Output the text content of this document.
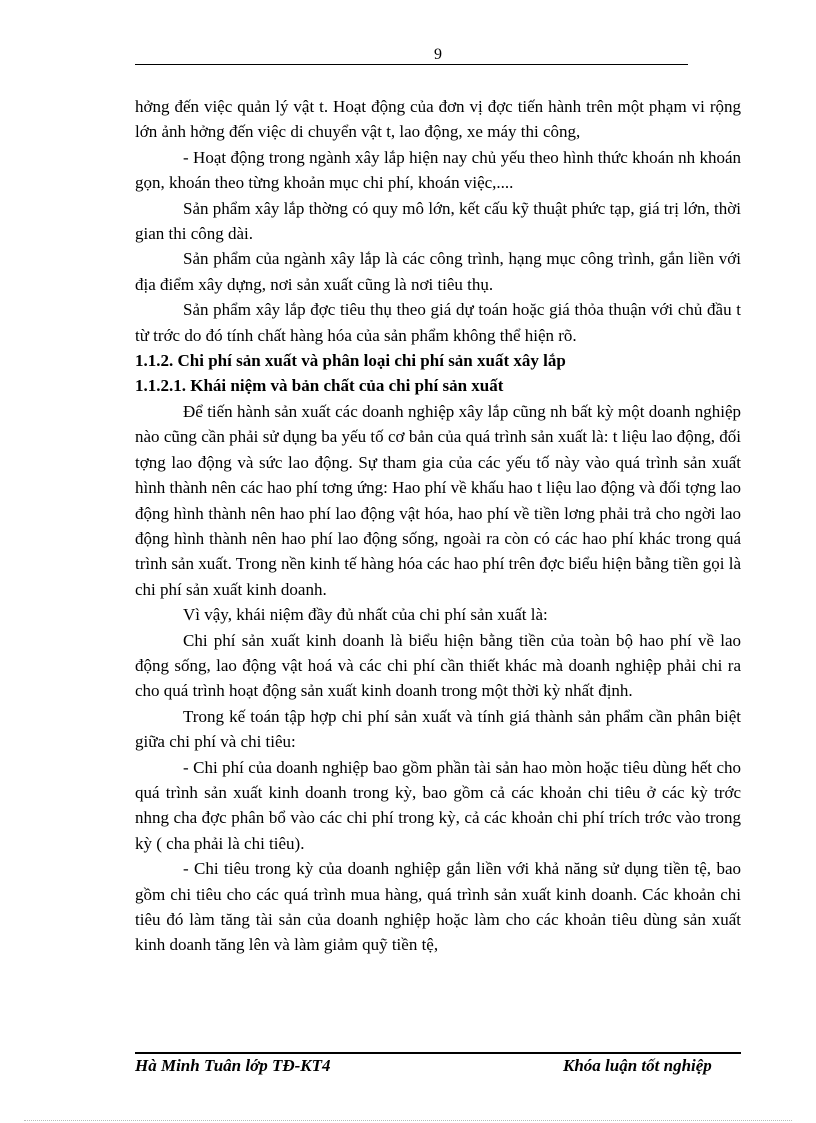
9

hởng đến việc quản lý vật t. Hoạt động của đơn vị đợc tiến hành trên một phạm vi rộng lớn ảnh hởng đến việc di chuyển vật t, lao động, xe máy thi công,

- Hoạt động trong ngành xây lắp hiện nay chủ yếu theo hình thức khoán nh khoán gọn, khoán theo từng khoản mục chi phí, khoán việc,....

Sản phẩm xây lắp thờng có quy mô lớn, kết cấu kỹ thuật phức tạp, giá trị lớn, thời gian thi công dài.

Sản phẩm của ngành xây lắp là các công trình, hạng mục công trình, gắn liền với địa điểm xây dựng, nơi sản xuất cũng là nơi tiêu thụ.

Sản phẩm xây lắp đợc tiêu thụ theo giá dự toán hoặc giá thỏa thuận với chủ đầu t từ trớc do đó tính chất hàng hóa của sản phẩm không thể hiện rõ.

1.1.2. Chi phí sản xuất và phân loại chi phí sản xuất xây lắp

1.1.2.1. Khái niệm và bản chất của chi phí sản xuất

Để tiến hành sản xuất các doanh nghiệp xây lắp cũng nh bất kỳ một doanh nghiệp nào cũng cần phải sử dụng ba yếu tố cơ bản của quá trình sản xuất là: t liệu lao động, đối tợng lao động và sức lao động. Sự tham gia của các yếu tố này vào quá trình sản xuất hình thành nên các hao phí tơng ứng: Hao phí về khấu hao t liệu lao động và đối tợng lao động hình thành nên hao phí lao động vật hóa, hao phí về tiền lơng phải trả cho ngời lao động hình thành nên hao phí lao động sống, ngoài ra còn có các hao phí khác trong quá trình sản xuất. Trong nền kinh tế hàng hóa các hao phí trên đợc biểu hiện bằng tiền gọi là chi phí sản xuất kinh doanh.

Vì vậy, khái niệm đầy đủ nhất của chi phí sản xuất là:

Chi phí sản xuất kinh doanh là biểu hiện bằng tiền của toàn bộ hao phí về lao động sống, lao động vật hoá và các chi phí cần thiết khác mà doanh nghiệp phải chi ra cho quá trình hoạt động sản xuất kinh doanh trong một thời kỳ nhất định.

Trong kế toán tập hợp chi phí sản xuất và tính giá thành sản phẩm cần phân biệt giữa chi phí và chi tiêu:

- Chi phí của doanh nghiệp bao gồm phần tài sản hao mòn hoặc tiêu dùng hết cho quá trình sản xuất kinh doanh trong kỳ, bao gồm cả các khoản chi tiêu ở các kỳ trớc nhng cha đợc phân bổ vào các chi phí trong kỳ, cả các khoản chi phí trích trớc vào trong kỳ ( cha phải là chi tiêu).

- Chi tiêu trong kỳ của doanh nghiệp gắn liền với khả năng sử dụng tiền tệ, bao gồm chi tiêu cho các quá trình mua hàng, quá trình sản xuất kinh doanh. Các khoản chi tiêu đó làm tăng tài sản của doanh nghiệp hoặc làm cho các khoản tiêu dùng sản xuất kinh doanh tăng lên và làm giảm quỹ tiền tệ,

Hà Minh Tuân lớp TĐ-KT4	Khóa luận tốt nghiệp
